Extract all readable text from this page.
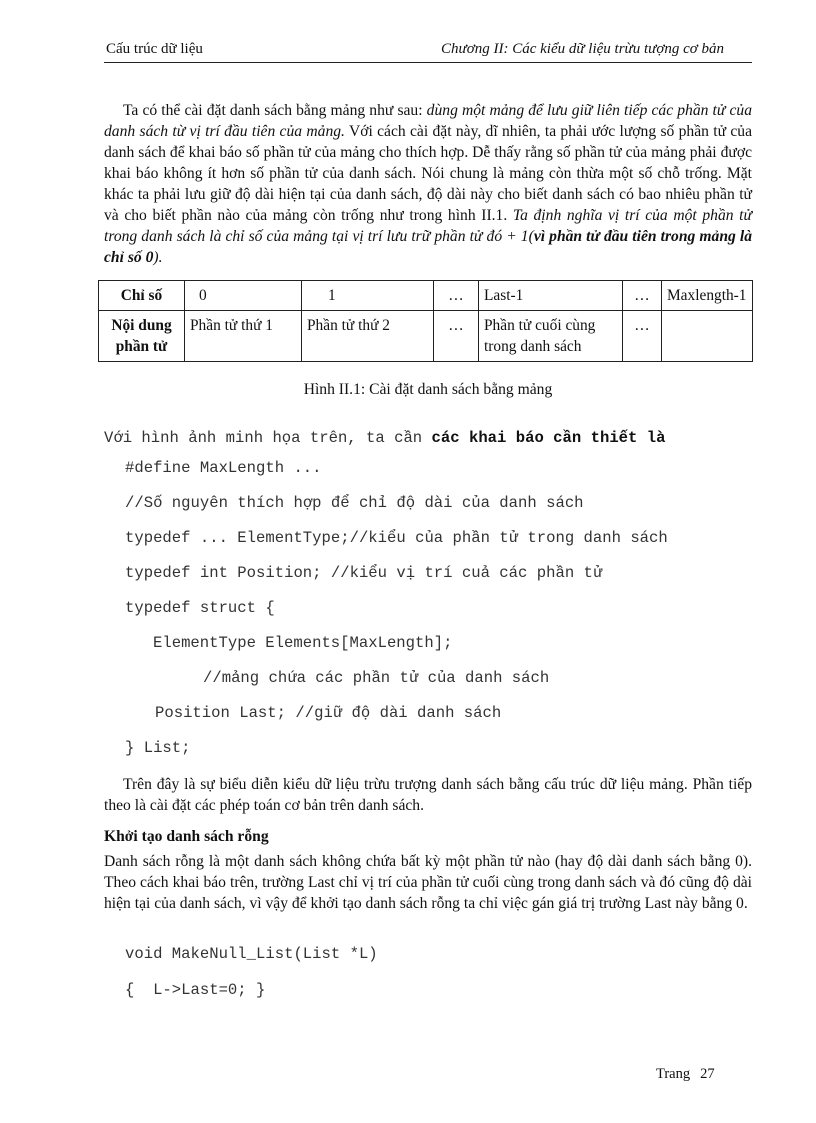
Cấu trúc dữ liệu	Chương II: Các kiểu dữ liệu trừu tượng cơ bản

Ta có thể cài đặt danh sách bằng mảng như sau: dùng một mảng để lưu giữ liên tiếp các phần tử của danh sách từ vị trí đầu tiên của mảng. Với cách cài đặt này, dĩ nhiên, ta phải ước lượng số phần tử của danh sách để khai báo số phần tử của mảng cho thích hợp. Dễ thấy rằng số phần tử của mảng phải được khai báo không ít hơn số phần tử của danh sách. Nói chung là mảng còn thừa một số chỗ trống. Mặt khác ta phải lưu giữ độ dài hiện tại của danh sách, độ dài này cho biết danh sách có bao nhiêu phần tử và cho biết phần nào của mảng còn trống như trong hình II.1. Ta định nghĩa vị trí của một phần tử trong danh sách là chỉ số của mảng tại vị trí lưu trữ phần tử đó + 1(vì phần tử đầu tiên trong mảng là chỉ số 0).

Chỉ số	0	1	…	Last-1	…	Maxlength-1
Nội dung phần tử	Phần tử thứ 1	Phần tử thứ 2	…	Phần tử cuối cùng trong danh sách	…	
Hình II.1: Cài đặt danh sách bằng mảng
Với hình ảnh minh họa trên, ta cần các khai báo cần thiết là
#define MaxLength ...
//Số nguyên thích hợp để chỉ độ dài của danh sách
typedef ... ElementType;//kiểu của phần tử trong danh sách
typedef int Position; //kiểu vị trí cuả các phần tử
typedef struct {
ElementType Elements[MaxLength];
//mảng chứa các phần tử của danh sách
Position Last; //giữ độ dài danh sách
} List;

Trên đây là sự biểu diễn kiểu dữ liệu trừu trượng danh sách bằng cấu trúc dữ liệu mảng. Phần tiếp theo là cài đặt các phép toán cơ bản trên danh sách.

Khởi tạo danh sách rỗng

Danh sách rỗng là một danh sách không chứa bất kỳ một phần tử nào (hay độ dài danh sách bằng 0). Theo cách khai báo trên, trường Last chỉ vị trí của phần tử cuối cùng trong danh sách và đó cũng độ dài hiện tại của danh sách, vì vậy để khởi tạo danh sách rỗng ta chỉ việc gán giá trị trường Last này bằng 0.

void MakeNull_List(List *L)
{  L->Last=0; }
Trang 27
